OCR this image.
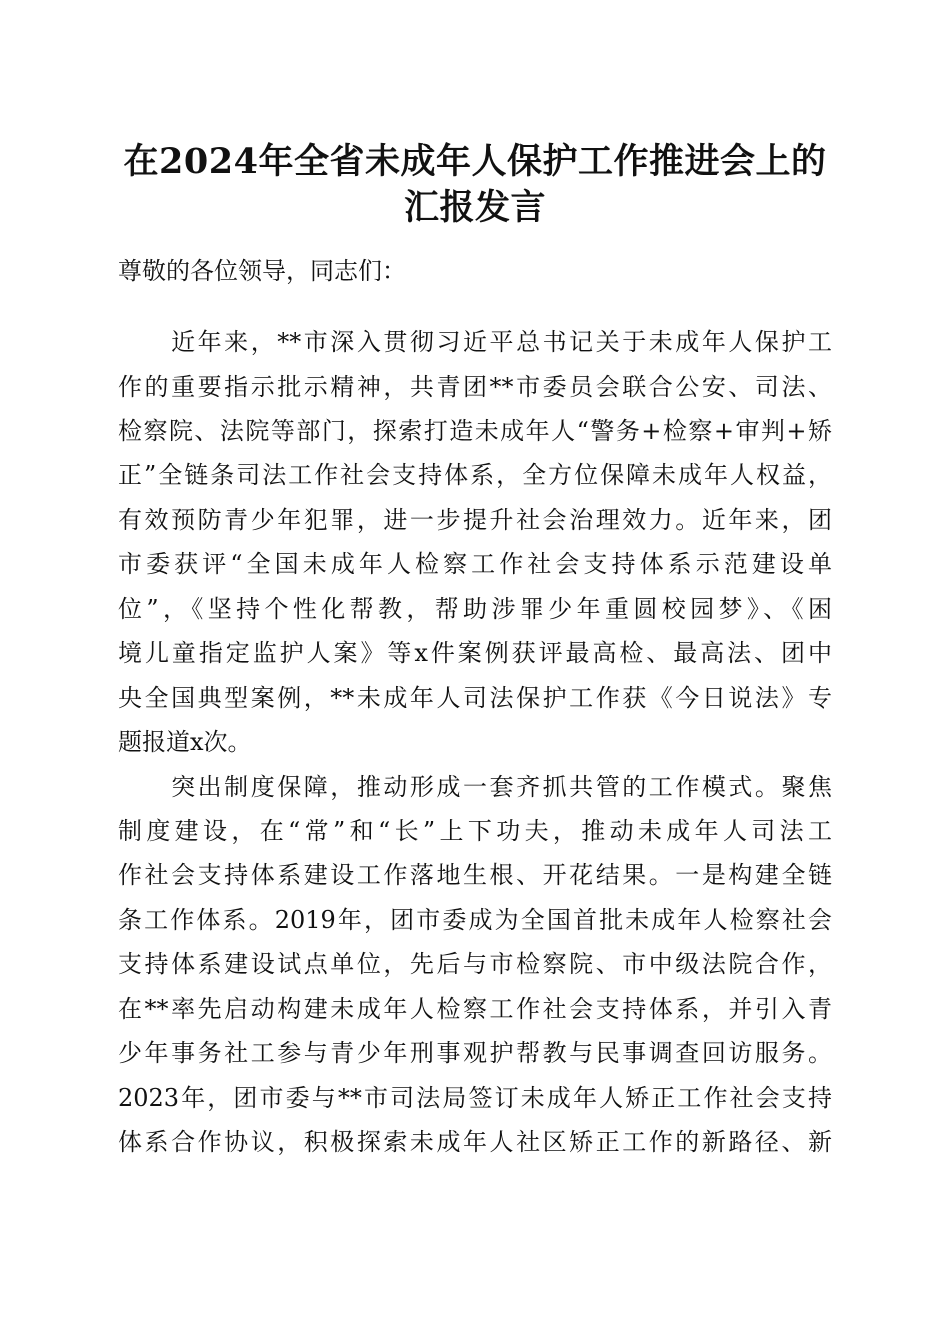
在2024年全省未成年人保护工作推进会上的
汇报发言
尊敬的各位领导，同志们：
　　近年来，**市深入贯彻习近平总书记关于未成年人保护工
作的重要指示批示精神，共青团**市委员会联合公安、司法、
检察院、法院等部门，探索打造未成年人“警务+检察+审判+矫
正”全链条司法工作社会支持体系，全方位保障未成年人权益，
有效预防青少年犯罪，进一步提升社会治理效力。近年来，团
市委获评“全国未成年人检察工作社会支持体系示范建设单
位”，《坚持个性化帮教，帮助涉罪少年重圆校园梦》、《困
境儿童指定监护人案》等x件案例获评最高检、最高法、团中
央全国典型案例，**未成年人司法保护工作获《今日说法》专
题报道x次。
　　突出制度保障，推动形成一套齐抓共管的工作模式。聚焦
制度建设，在“常”和“长”上下功夫，推动未成年人司法工
作社会支持体系建设工作落地生根、开花结果。一是构建全链
条工作体系。2019年，团市委成为全国首批未成年人检察社会
支持体系建设试点单位，先后与市检察院、市中级法院合作，
在**率先启动构建未成年人检察工作社会支持体系，并引入青
少年事务社工参与青少年刑事观护帮教与民事调查回访服务。
2023年，团市委与**市司法局签订未成年人矫正工作社会支持
体系合作协议，积极探索未成年人社区矫正工作的新路径、新
